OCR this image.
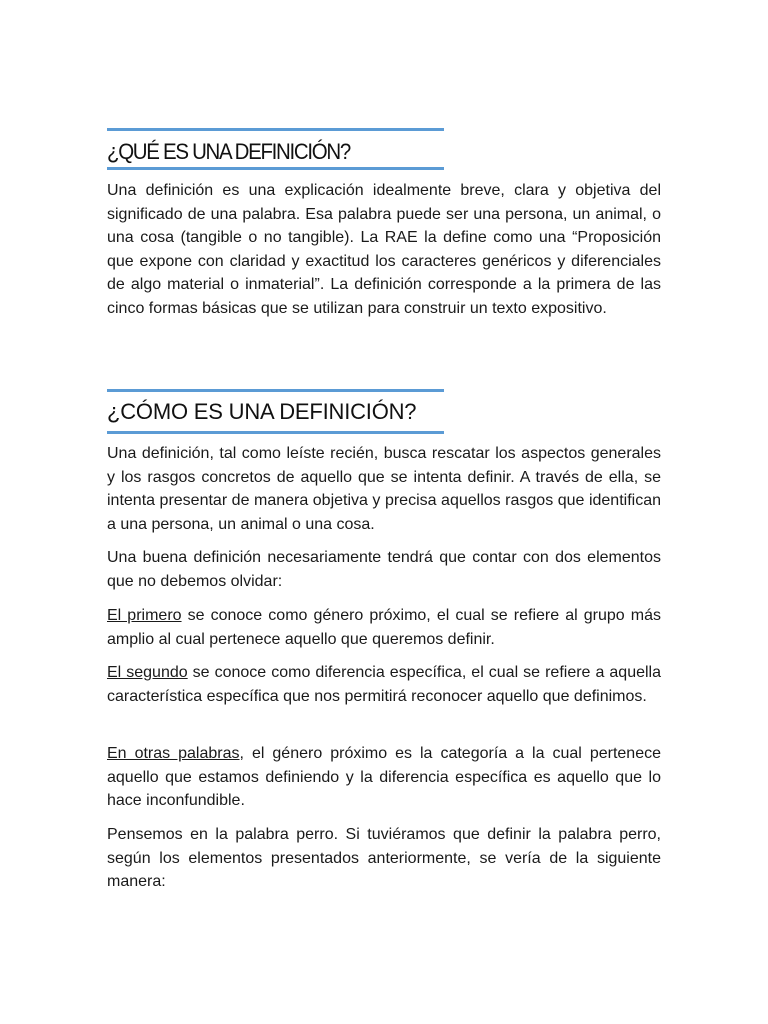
¿QUÉ ES UNA DEFINICIÓN?

Una definición es una explicación idealmente breve, clara y objetiva del significado de una palabra. Esa palabra puede ser una persona, un animal, o una cosa (tangible o no tangible). La RAE la define como una “Proposición que expone con claridad y exactitud los caracteres genéricos y diferenciales de algo material o inmaterial”. La definición corresponde a la primera de las cinco formas básicas que se utilizan para construir un texto expositivo.

¿CÓMO ES UNA DEFINICIÓN?

Una definición, tal como leíste recién, busca rescatar los aspectos generales y los rasgos concretos de aquello que se intenta definir. A través de ella, se intenta presentar de manera objetiva y precisa aquellos rasgos que identifican a una persona, un animal o una cosa.

Una buena definición necesariamente tendrá que contar con dos elementos que no debemos olvidar:

El primero se conoce como género próximo, el cual se refiere al grupo más amplio al cual pertenece aquello que queremos definir.

El segundo se conoce como diferencia específica, el cual se refiere a aquella característica específica que nos permitirá reconocer aquello que definimos.

En otras palabras, el género próximo es la categoría a la cual pertenece aquello que estamos definiendo y la diferencia específica es aquello que lo hace inconfundible.

Pensemos en la palabra perro. Si tuviéramos que definir la palabra perro, según los elementos presentados anteriormente, se vería de la siguiente manera:
